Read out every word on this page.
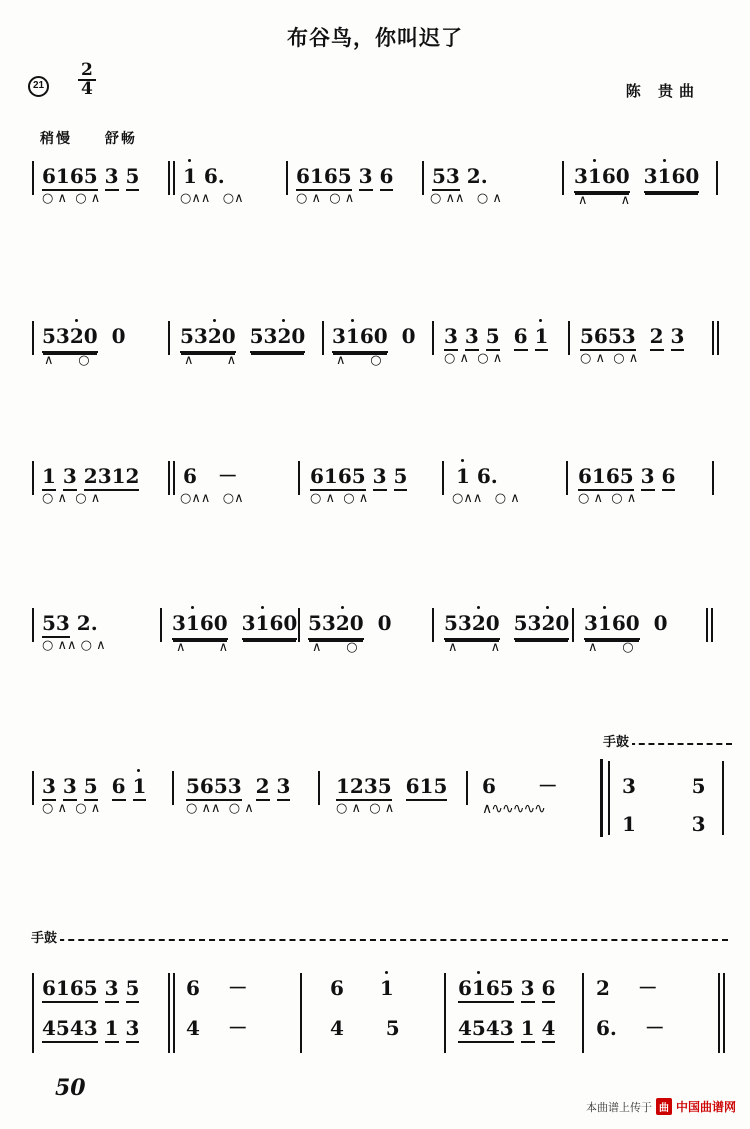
布谷鸟，你叫迟了
$21 \frac{2}{4}$	陈 贵曲
稍慢 舒畅
6165 3 5
○ ∧  ○ ∧
1 6.
○∧∧   ○∧
6165 3 6
○ ∧  ○ ∧
53 2.
○ ∧∧   ○ ∧
3160 3160
∧        ∧
5320  0
∧      ○
5320 5320
∧        ∧
3160  0
∧      ○
3 3 5 6 1
○ ∧  ○ ∧
5653 2 3
○ ∧  ○ ∧
1 3 2312
○ ∧  ○ ∧
6   －
○∧∧   ○∧
6165 3 5
○ ∧  ○ ∧
1 6.
○∧∧   ○ ∧
6165 3 6
○ ∧  ○ ∧
53 2.
○ ∧∧ ○ ∧
3160 3160
∧        ∧
5320  0
∧      ○
5320 5320
∧        ∧
3160  0
∧      ○
3 3 5 6 1
○ ∧  ○ ∧
5653 2 3
○ ∧∧  ○ ∧
1235 615
○ ∧  ○ ∧
6      －
∧∿∿∿∿∿
手鼓
3        5
1        3
手鼓
6165 3 5
4543 1 3
6    －
4    －
6 1
4      5
6165 3 6
4543 1 4
2    －
6.    －
50
本曲谱上传于 曲 中国曲谱网
